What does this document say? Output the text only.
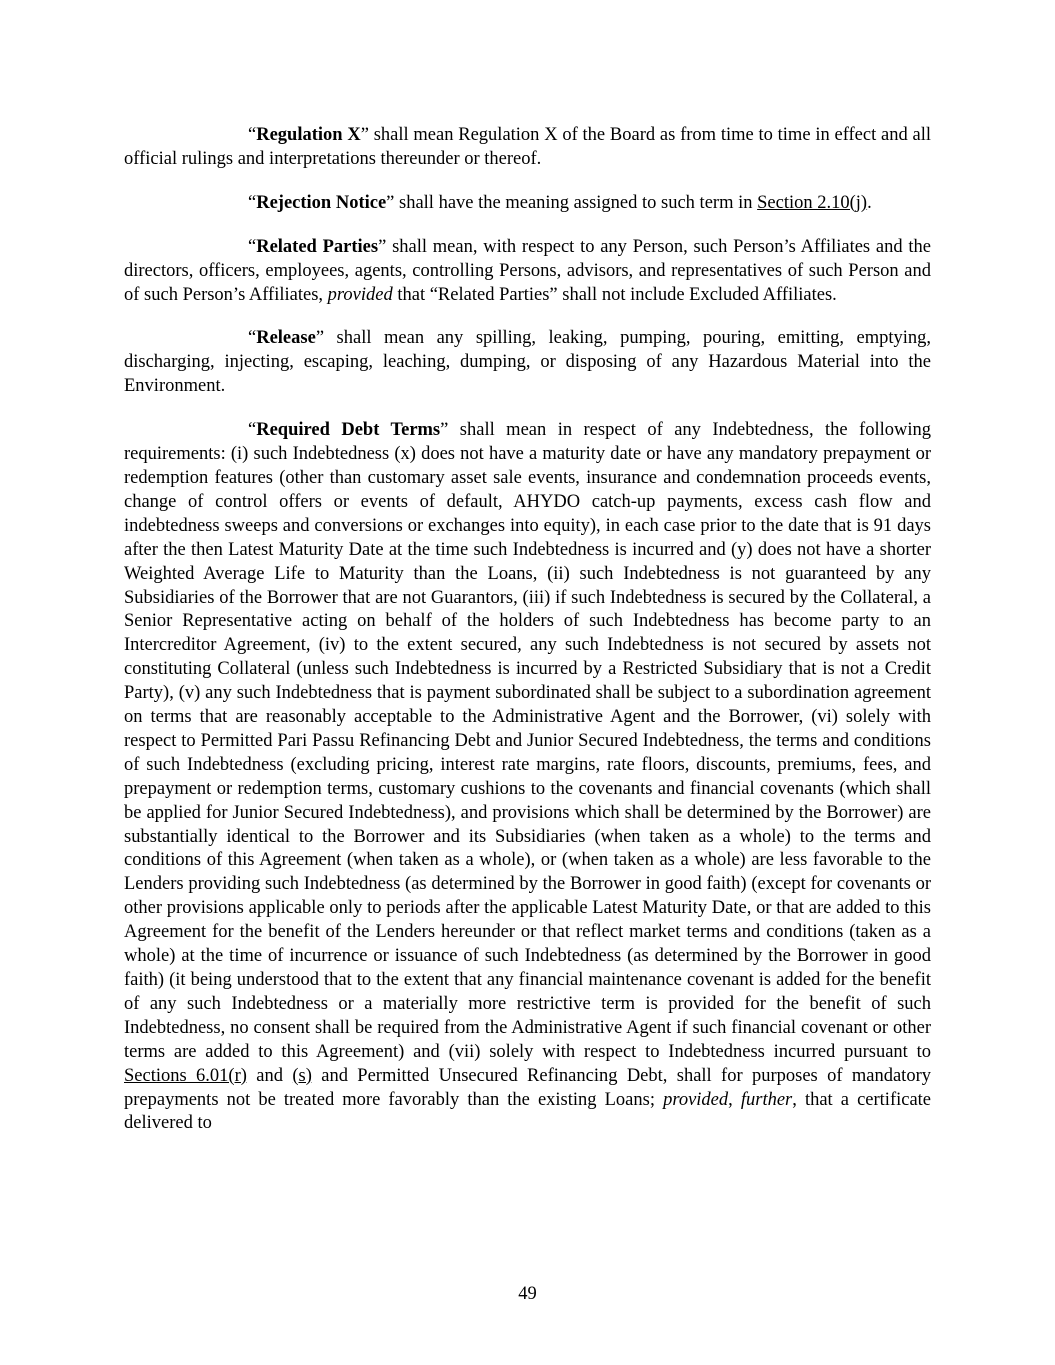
“Regulation X” shall mean Regulation X of the Board as from time to time in effect and all official rulings and interpretations thereunder or thereof.

“Rejection Notice” shall have the meaning assigned to such term in Section 2.10(j).

“Related Parties” shall mean, with respect to any Person, such Person’s Affiliates and the directors, officers, employees, agents, controlling Persons, advisors, and representatives of such Person and of such Person’s Affiliates, provided that “Related Parties” shall not include Excluded Affiliates.

“Release” shall mean any spilling, leaking, pumping, pouring, emitting, emptying, discharging, injecting, escaping, leaching, dumping, or disposing of any Hazardous Material into the Environment.

“Required Debt Terms” shall mean in respect of any Indebtedness, the following requirements: (i) such Indebtedness (x) does not have a maturity date or have any mandatory prepayment or redemption features (other than customary asset sale events, insurance and condemnation proceeds events, change of control offers or events of default, AHYDO catch-up payments, excess cash flow and indebtedness sweeps and conversions or exchanges into equity), in each case prior to the date that is 91 days after the then Latest Maturity Date at the time such Indebtedness is incurred and (y) does not have a shorter Weighted Average Life to Maturity than the Loans, (ii) such Indebtedness is not guaranteed by any Subsidiaries of the Borrower that are not Guarantors, (iii) if such Indebtedness is secured by the Collateral, a Senior Representative acting on behalf of the holders of such Indebtedness has become party to an Intercreditor Agreement, (iv) to the extent secured, any such Indebtedness is not secured by assets not constituting Collateral (unless such Indebtedness is incurred by a Restricted Subsidiary that is not a Credit Party), (v) any such Indebtedness that is payment subordinated shall be subject to a subordination agreement on terms that are reasonably acceptable to the Administrative Agent and the Borrower, (vi) solely with respect to Permitted Pari Passu Refinancing Debt and Junior Secured Indebtedness, the terms and conditions of such Indebtedness (excluding pricing, interest rate margins, rate floors, discounts, premiums, fees, and prepayment or redemption terms, customary cushions to the covenants and financial covenants (which shall be applied for Junior Secured Indebtedness), and provisions which shall be determined by the Borrower) are substantially identical to the Borrower and its Subsidiaries (when taken as a whole) to the terms and conditions of this Agreement (when taken as a whole), or (when taken as a whole) are less favorable to the Lenders providing such Indebtedness (as determined by the Borrower in good faith) (except for covenants or other provisions applicable only to periods after the applicable Latest Maturity Date, or that are added to this Agreement for the benefit of the Lenders hereunder or that reflect market terms and conditions (taken as a whole) at the time of incurrence or issuance of such Indebtedness (as determined by the Borrower in good faith) (it being understood that to the extent that any financial maintenance covenant is added for the benefit of any such Indebtedness or a materially more restrictive term is provided for the benefit of such Indebtedness, no consent shall be required from the Administrative Agent if such financial covenant or other terms are added to this Agreement) and (vii) solely with respect to Indebtedness incurred pursuant to Sections 6.01(r) and (s) and Permitted Unsecured Refinancing Debt, shall for purposes of mandatory prepayments not be treated more favorably than the existing Loans; provided, further, that a certificate delivered to

49
